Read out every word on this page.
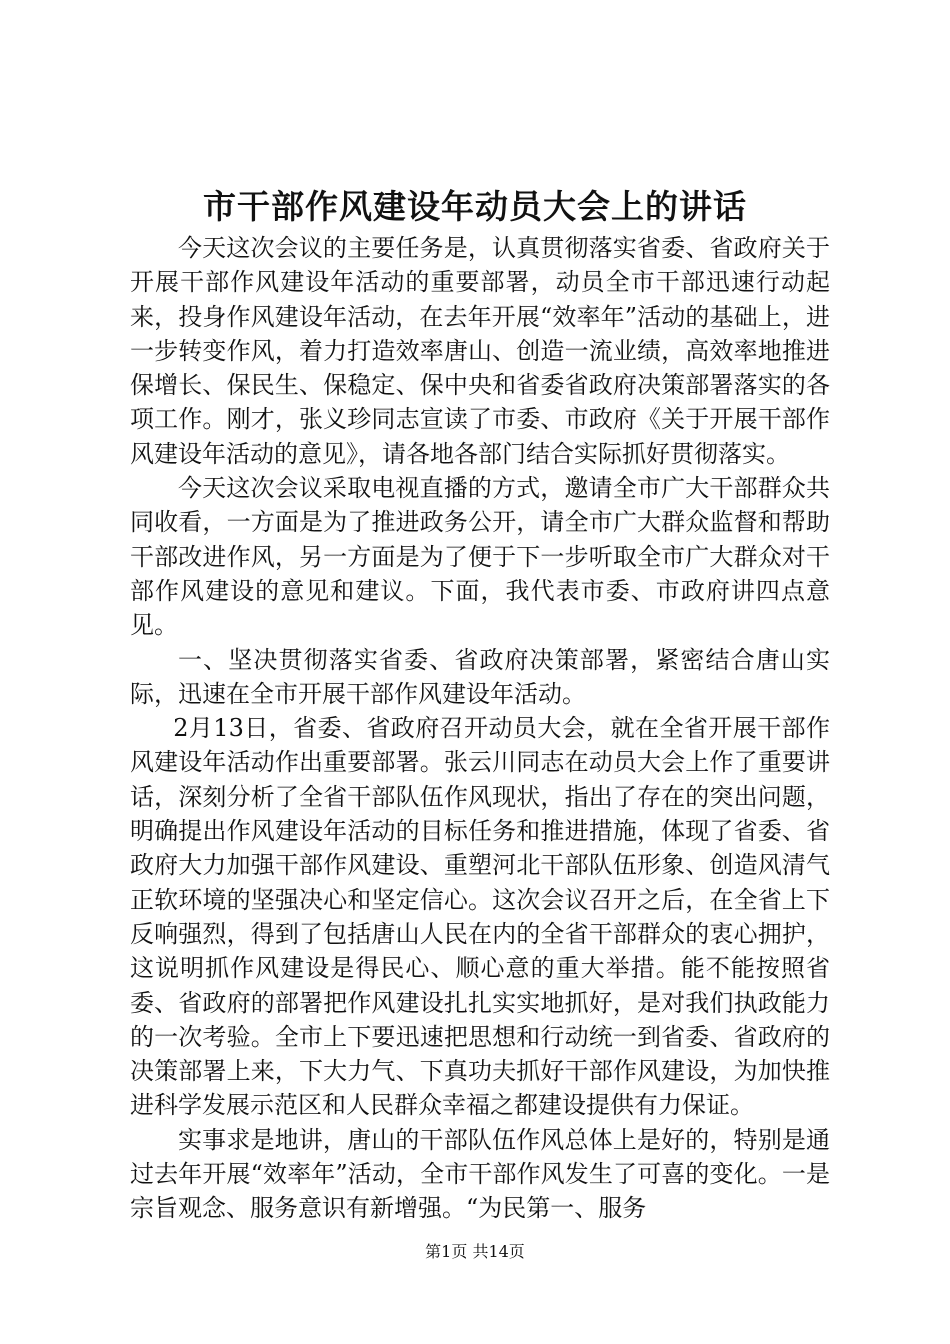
市干部作风建设年动员大会上的讲话

今天这次会议的主要任务是，认真贯彻落实省委、省政府关于开展干部作风建设年活动的重要部署，动员全市干部迅速行动起来，投身作风建设年活动，在去年开展“效率年”活动的基础上，进一步转变作风，着力打造效率唐山、创造一流业绩，高效率地推进保增长、保民生、保稳定、保中央和省委省政府决策部署落实的各项工作。刚才，张义珍同志宣读了市委、市政府《关于开展干部作风建设年活动的意见》，请各地各部门结合实际抓好贯彻落实。

今天这次会议采取电视直播的方式，邀请全市广大干部群众共同收看，一方面是为了推进政务公开，请全市广大群众监督和帮助干部改进作风，另一方面是为了便于下一步听取全市广大群众对干部作风建设的意见和建议。下面，我代表市委、市政府讲四点意见。

一、坚决贯彻落实省委、省政府决策部署，紧密结合唐山实际，迅速在全市开展干部作风建设年活动。

2月13日，省委、省政府召开动员大会，就在全省开展干部作风建设年活动作出重要部署。张云川同志在动员大会上作了重要讲话，深刻分析了全省干部队伍作风现状，指出了存在的突出问题，明确提出作风建设年活动的目标任务和推进措施，体现了省委、省政府大力加强干部作风建设、重塑河北干部队伍形象、创造风清气正软环境的坚强决心和坚定信心。这次会议召开之后，在全省上下反响强烈，得到了包括唐山人民在内的全省干部群众的衷心拥护，这说明抓作风建设是得民心、顺心意的重大举措。能不能按照省委、省政府的部署把作风建设扎扎实实地抓好，是对我们执政能力的一次考验。全市上下要迅速把思想和行动统一到省委、省政府的决策部署上来，下大力气、下真功夫抓好干部作风建设，为加快推进科学发展示范区和人民群众幸福之都建设提供有力保证。

实事求是地讲，唐山的干部队伍作风总体上是好的，特别是通过去年开展“效率年”活动，全市干部作风发生了可喜的变化。一是宗旨观念、服务意识有新增强。“为民第一、服务

第1页 共14页
